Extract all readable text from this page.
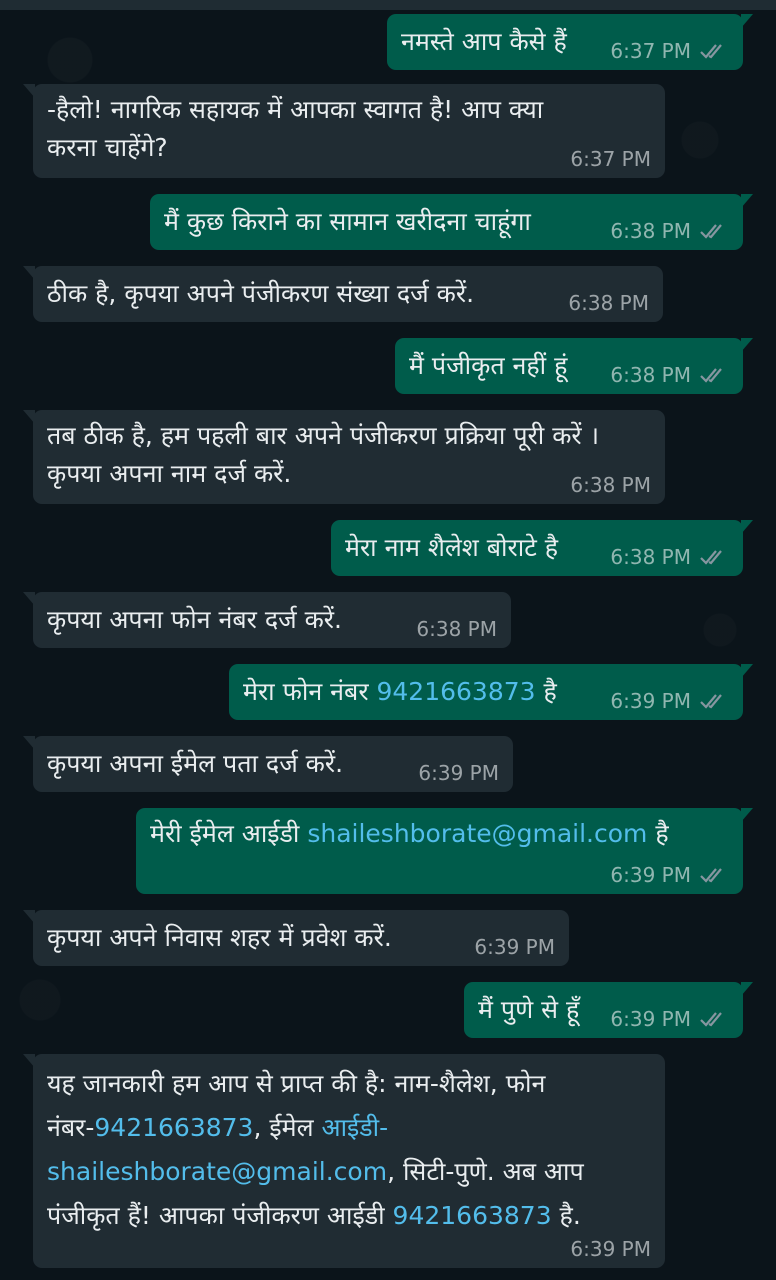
नमस्ते आप कैसे हैं	6:37 PM
-हैलो! नागरिक सहायक में आपका स्वागत है! आप क्या करना चाहेंगे?	6:37 PM
मैं कुछ किराने का सामान खरीदना चाहूंगा	6:38 PM
ठीक है, कृपया अपने पंजीकरण संख्या दर्ज करें.	6:38 PM
मैं पंजीकृत नहीं हूं	6:38 PM
तब ठीक है, हम पहली बार अपने पंजीकरण प्रक्रिया पूरी करें । कृपया अपना नाम दर्ज करें.	6:38 PM
मेरा नाम शैलेश बोराटे है	6:38 PM
कृपया अपना फोन नंबर दर्ज करें.	6:38 PM
मेरा फोन नंबर 9421663873 है	6:39 PM
कृपया अपना ईमेल पता दर्ज करें.	6:39 PM
मेरी ईमेल आईडी shaileshborate@gmail.com है
6:39 PM
कृपया अपने निवास शहर में प्रवेश करें.	6:39 PM
मैं पुणे से हूँ	6:39 PM
यह जानकारी हम आप से प्राप्त की है: नाम-शैलेश, फोन नंबर-9421663873, ईमेल आईडी-shaileshborate@gmail.com, सिटी-पुणे. अब आप पंजीकृत हैं! आपका पंजीकरण आईडी 9421663873 है.
6:39 PM
